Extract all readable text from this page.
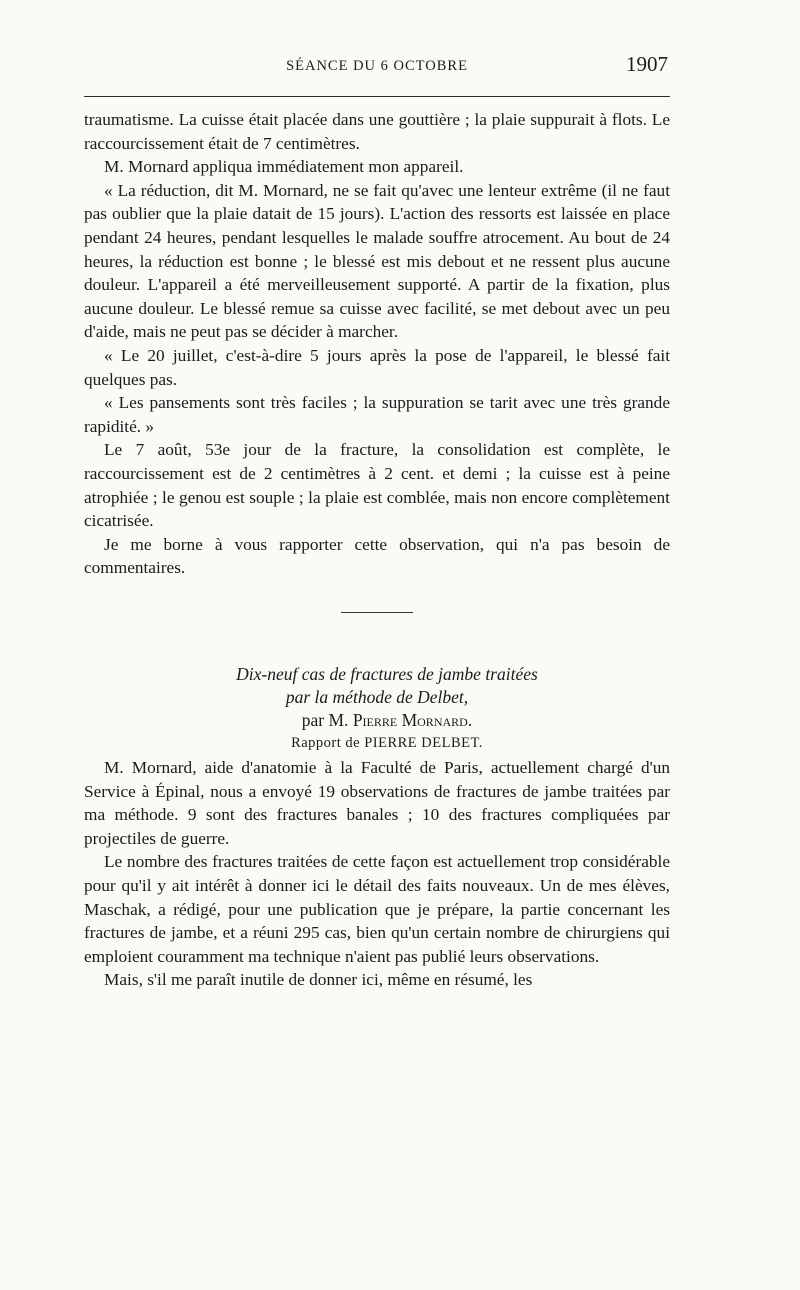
SÉANCE DU 6 OCTOBRE	1907

traumatisme. La cuisse était placée dans une gouttière ; la plaie suppurait à flots. Le raccourcissement était de 7 centimètres.

M. Mornard appliqua immédiatement mon appareil.

« La réduction, dit M. Mornard, ne se fait qu'avec une lenteur extrême (il ne faut pas oublier que la plaie datait de 15 jours). L'action des ressorts est laissée en place pendant 24 heures, pendant lesquelles le malade souffre atrocement. Au bout de 24 heures, la réduction est bonne ; le blessé est mis debout et ne ressent plus aucune douleur. L'appareil a été merveilleusement supporté. A partir de la fixation, plus aucune douleur. Le blessé remue sa cuisse avec facilité, se met debout avec un peu d'aide, mais ne peut pas se décider à marcher.

« Le 20 juillet, c'est-à-dire 5 jours après la pose de l'appareil, le blessé fait quelques pas.

« Les pansements sont très faciles ; la suppuration se tarit avec une très grande rapidité. »

Le 7 août, 53e jour de la fracture, la consolidation est complète, le raccourcissement est de 2 centimètres à 2 cent. et demi ; la cuisse est à peine atrophiée ; le genou est souple ; la plaie est comblée, mais non encore complètement cicatrisée.

Je me borne à vous rapporter cette observation, qui n'a pas besoin de commentaires.

Dix-neuf cas de fractures de jambe traitées
par la méthode de Delbet,

par M. Pierre Mornard.

Rapport de PIERRE DELBET.

M. Mornard, aide d'anatomie à la Faculté de Paris, actuellement chargé d'un Service à Épinal, nous a envoyé 19 observations de fractures de jambe traitées par ma méthode. 9 sont des fractures banales ; 10 des fractures compliquées par projectiles de guerre.

Le nombre des fractures traitées de cette façon est actuellement trop considérable pour qu'il y ait intérêt à donner ici le détail des faits nouveaux. Un de mes élèves, Maschak, a rédigé, pour une publication que je prépare, la partie concernant les fractures de jambe, et a réuni 295 cas, bien qu'un certain nombre de chirurgiens qui emploient couramment ma technique n'aient pas publié leurs observations.

Mais, s'il me paraît inutile de donner ici, même en résumé, les
